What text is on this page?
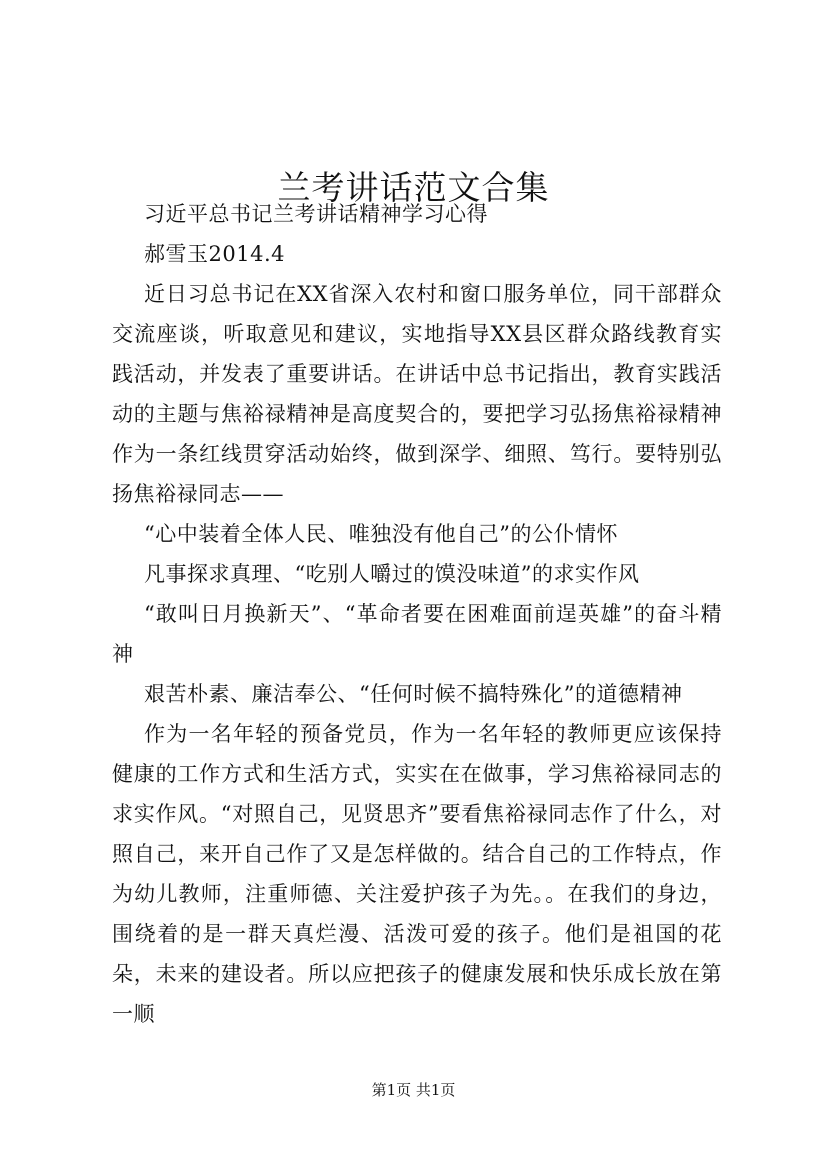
兰考讲话范文合集

习近平总书记兰考讲话精神学习心得

郝雪玉2014.4

近日习总书记在XX省深入农村和窗口服务单位，同干部群众交流座谈，听取意见和建议，实地指导XX县区群众路线教育实践活动，并发表了重要讲话。在讲话中总书记指出，教育实践活动的主题与焦裕禄精神是高度契合的，要把学习弘扬焦裕禄精神作为一条红线贯穿活动始终，做到深学、细照、笃行。要特别弘扬焦裕禄同志——

“心中装着全体人民、唯独没有他自己”的公仆情怀

凡事探求真理、“吃别人嚼过的馍没味道”的求实作风

“敢叫日月换新天”、“革命者要在困难面前逞英雄”的奋斗精神

艰苦朴素、廉洁奉公、“任何时候不搞特殊化”的道德精神

作为一名年轻的预备党员，作为一名年轻的教师更应该保持健康的工作方式和生活方式，实实在在做事，学习焦裕禄同志的求实作风。“对照自己，见贤思齐”要看焦裕禄同志作了什么，对照自己，来开自己作了又是怎样做的。结合自己的工作特点，作为幼儿教师，注重师德、关注爱护孩子为先。。在我们的身边，围绕着的是一群天真烂漫、活泼可爱的孩子。他们是祖国的花朵，未来的建设者。所以应把孩子的健康发展和快乐成长放在第一顺

第1页 共1页
